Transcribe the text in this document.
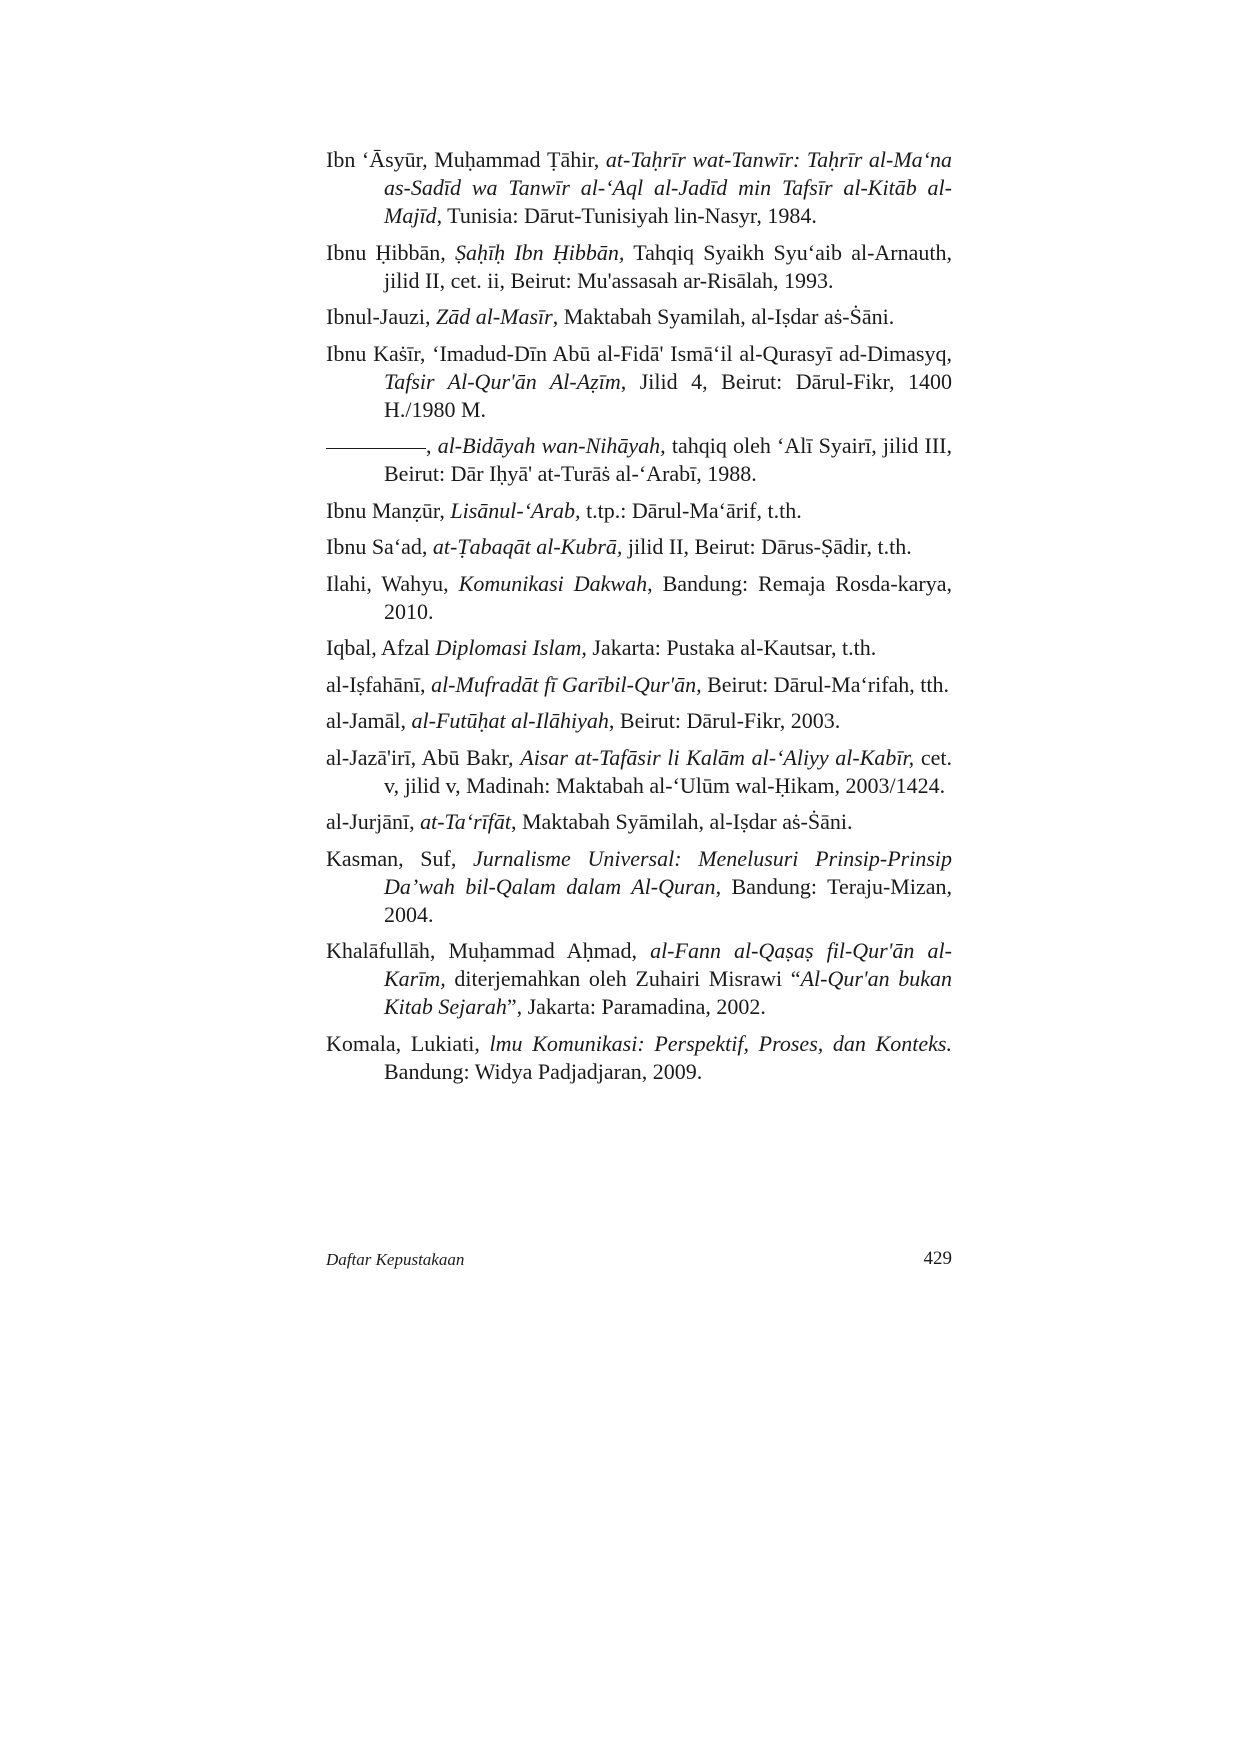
Ibn ‘Āsyūr, Muḥammad Ṭāhir, at-Taḥrīr wat-Tanwīr: Taḥrīr al-Ma‘na as-Sadīd wa Tanwīr al-‘Aql al-Jadīd min Tafsīr al-Kitāb al-Majīd, Tunisia: Dārut-Tunisiyah lin-Nasyr, 1984.
Ibnu Ḥibbān, Ṣaḥīḥ Ibn Ḥibbān, Tahqiq Syaikh Syu‘aib al-Arnauth, jilid II, cet. ii, Beirut: Mu'assasah ar-Risālah, 1993.
Ibnul-Jauzi, Zād al-Masīr, Maktabah Syamilah, al-Iṣdar aṡ-Ṡāni.
Ibnu Kaṡīr, ‘Imadud-Dīn Abū al-Fidā' Ismā‘il al-Qurasyī ad-Dimasyq, Tafsir Al-Qur'ān Al-Aẓīm, Jilid 4, Beirut: Dārul-Fikr, 1400 H./1980 M.
, al-Bidāyah wan-Nihāyah, tahqiq oleh ‘Alī Syairī, jilid III, Beirut: Dār Iḥyā' at-Turāṡ al-‘Arabī, 1988.
Ibnu Manẓūr, Lisānul-‘Arab, t.tp.: Dārul-Ma‘ārif, t.th.
Ibnu Sa‘ad, at-Ṭabaqāt al-Kubrā, jilid II, Beirut: Dārus-Ṣādir, t.th.
Ilahi, Wahyu, Komunikasi Dakwah, Bandung: Remaja Rosda-karya, 2010.
Iqbal, Afzal Diplomasi Islam, Jakarta: Pustaka al-Kautsar, t.th.
al-Iṣfahānī, al-Mufradāt fī Garībil-Qur'ān, Beirut: Dārul-Ma‘rifah, tth.
al-Jamāl, al-Futūḥat al-Ilāhiyah, Beirut: Dārul-Fikr, 2003.
al-Jazā'irī, Abū Bakr, Aisar at-Tafāsir li Kalām al-‘Aliyy al-Kabīr, cet. v, jilid v, Madinah: Maktabah al-‘Ulūm wal-Ḥikam, 2003/1424.
al-Jurjānī, at-Ta‘rīfāt, Maktabah Syāmilah, al-Iṣdar aṡ-Ṡāni.
Kasman, Suf, Jurnalisme Universal: Menelusuri Prinsip-Prinsip Da’wah bil-Qalam dalam Al-Quran, Bandung: Teraju-Mizan, 2004.
Khalāfullāh, Muḥammad Aḥmad, al-Fann al-Qaṣaṣ fil-Qur'ān al-Karīm, diterjemahkan oleh Zuhairi Misrawi “Al-Qur'an bukan Kitab Sejarah”, Jakarta: Paramadina, 2002.
Komala, Lukiati, lmu Komunikasi: Perspektif, Proses, dan Konteks. Bandung: Widya Padjadjaran, 2009.
Daftar Kepustakaan	429
